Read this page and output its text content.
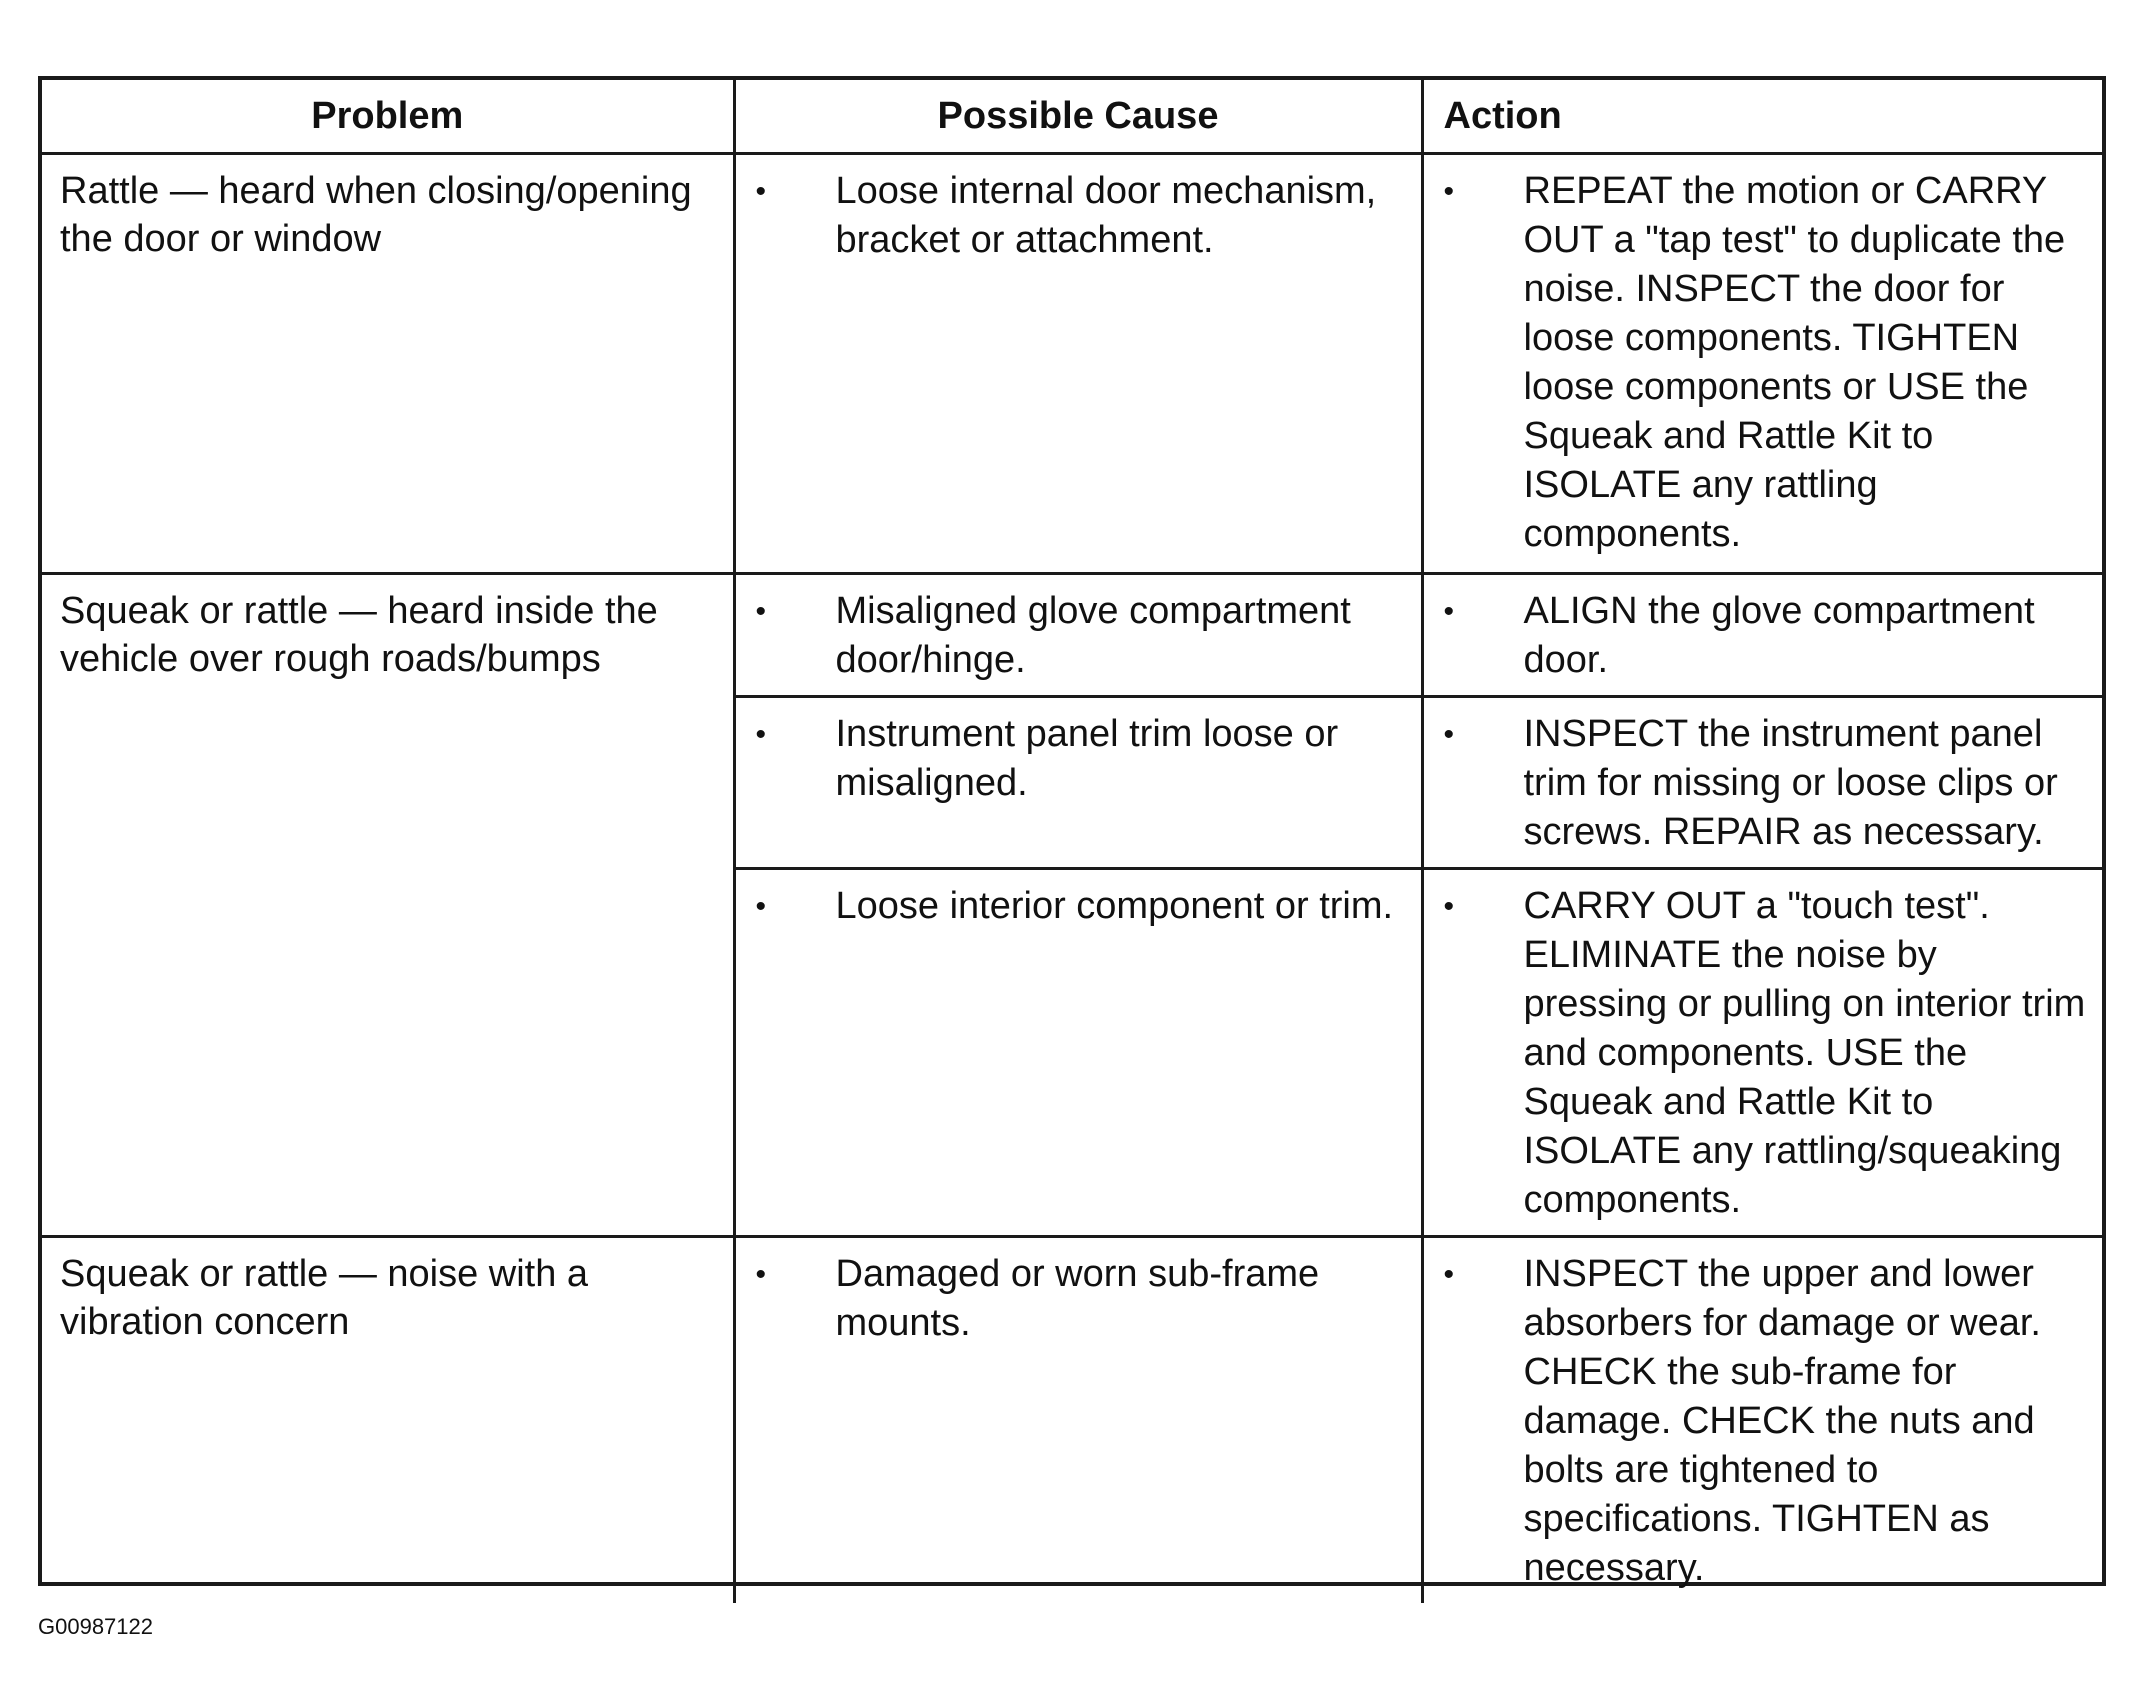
Problem	Possible Cause	Action

Rattle — heard when closing/opening the door or window	• Loose internal door mechanism, bracket or attachment.	• REPEAT the motion or CARRY OUT a "tap test" to duplicate the noise. INSPECT the door for loose components. TIGHTEN loose components or USE the Squeak and Rattle Kit to ISOLATE any rattling components.

Squeak or rattle — heard inside the vehicle over rough roads/bumps	• Misaligned glove compartment door/hinge.	• ALIGN the glove compartment door.

	• Instrument panel trim loose or misaligned.	• INSPECT the instrument panel trim for missing or loose clips or screws. REPAIR as necessary.

	• Loose interior component or trim.	• CARRY OUT a "touch test". ELIMINATE the noise by pressing or pulling on interior trim and components. USE the Squeak and Rattle Kit to ISOLATE any rattling/squeaking components.

Squeak or rattle — noise with a vibration concern	• Damaged or worn sub-frame mounts.	• INSPECT the upper and lower absorbers for damage or wear. CHECK the sub-frame for damage. CHECK the nuts and bolts are tightened to specifications. TIGHTEN as necessary.
G00987122
